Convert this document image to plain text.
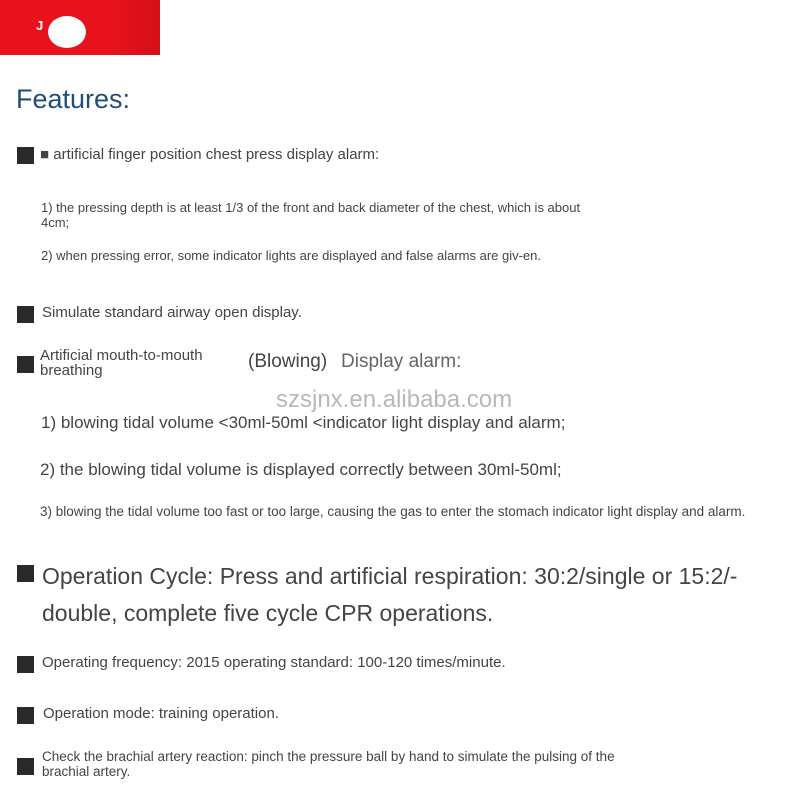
J
Features:
■ artificial finger position chest press display alarm:
1) the pressing depth is at least 1/3 of the front and back diameter of the chest, which is about 4cm;
2) when pressing error, some indicator lights are displayed and false alarms are giv-en.
Simulate standard airway open display.
Artificial mouth-to-mouth breathing	(Blowing) Display alarm:
szsjnx.en.alibaba.com
1) blowing tidal volume <30ml-50ml <indicator light display and alarm;
2) the blowing tidal volume is displayed correctly between 30ml-50ml;
3) blowing the tidal volume too fast or too large, causing the gas to enter the stomach indicator light display and alarm.
Operation Cycle: Press and artificial respiration: 30:2/single or 15:2/-double, complete five cycle CPR operations.
Operating frequency: 2015 operating standard: 100-120 times/minute.
Operation mode: training operation.
Check the brachial artery reaction: pinch the pressure ball by hand to simulate the pulsing of the brachial artery.
